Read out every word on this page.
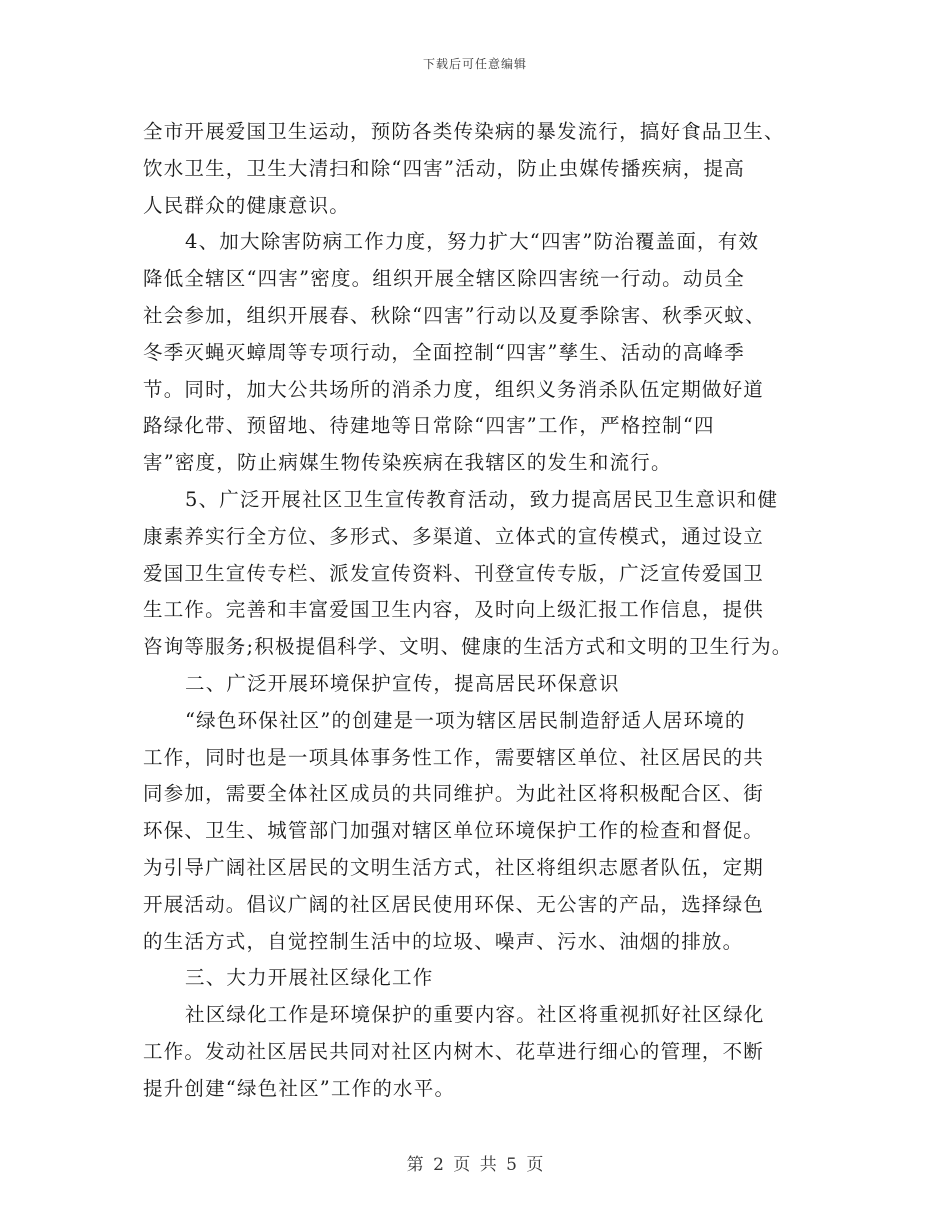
下载后可任意编辑
全市开展爱国卫生运动，预防各类传染病的暴发流行，搞好食品卫生、
饮水卫生，卫生大清扫和除“四害”活动，防止虫媒传播疾病，提高
人民群众的健康意识。
4、加大除害防病工作力度，努力扩大“四害”防治覆盖面，有效
降低全辖区“四害”密度。组织开展全辖区除四害统一行动。动员全
社会参加，组织开展春、秋除“四害”行动以及夏季除害、秋季灭蚊、
冬季灭蝇灭蟑周等专项行动，全面控制“四害”孳生、活动的高峰季
节。同时，加大公共场所的消杀力度，组织义务消杀队伍定期做好道
路绿化带、预留地、待建地等日常除“四害”工作，严格控制“四
害”密度，防止病媒生物传染疾病在我辖区的发生和流行。
5、广泛开展社区卫生宣传教育活动，致力提高居民卫生意识和健
康素养实行全方位、多形式、多渠道、立体式的宣传模式，通过设立
爱国卫生宣传专栏、派发宣传资料、刊登宣传专版，广泛宣传爱国卫
生工作。完善和丰富爱国卫生内容，及时向上级汇报工作信息，提供
咨询等服务;积极提倡科学、文明、健康的生活方式和文明的卫生行为。
二、广泛开展环境保护宣传，提高居民环保意识
“绿色环保社区”的创建是一项为辖区居民制造舒适人居环境的
工作，同时也是一项具体事务性工作，需要辖区单位、社区居民的共
同参加，需要全体社区成员的共同维护。为此社区将积极配合区、街
环保、卫生、城管部门加强对辖区单位环境保护工作的检查和督促。
为引导广阔社区居民的文明生活方式，社区将组织志愿者队伍，定期
开展活动。倡议广阔的社区居民使用环保、无公害的产品，选择绿色
的生活方式，自觉控制生活中的垃圾、噪声、污水、油烟的排放。
三、大力开展社区绿化工作
社区绿化工作是环境保护的重要内容。社区将重视抓好社区绿化
工作。发动社区居民共同对社区内树木、花草进行细心的管理，不断
提升创建“绿色社区”工作的水平。
第 2 页 共 5 页
